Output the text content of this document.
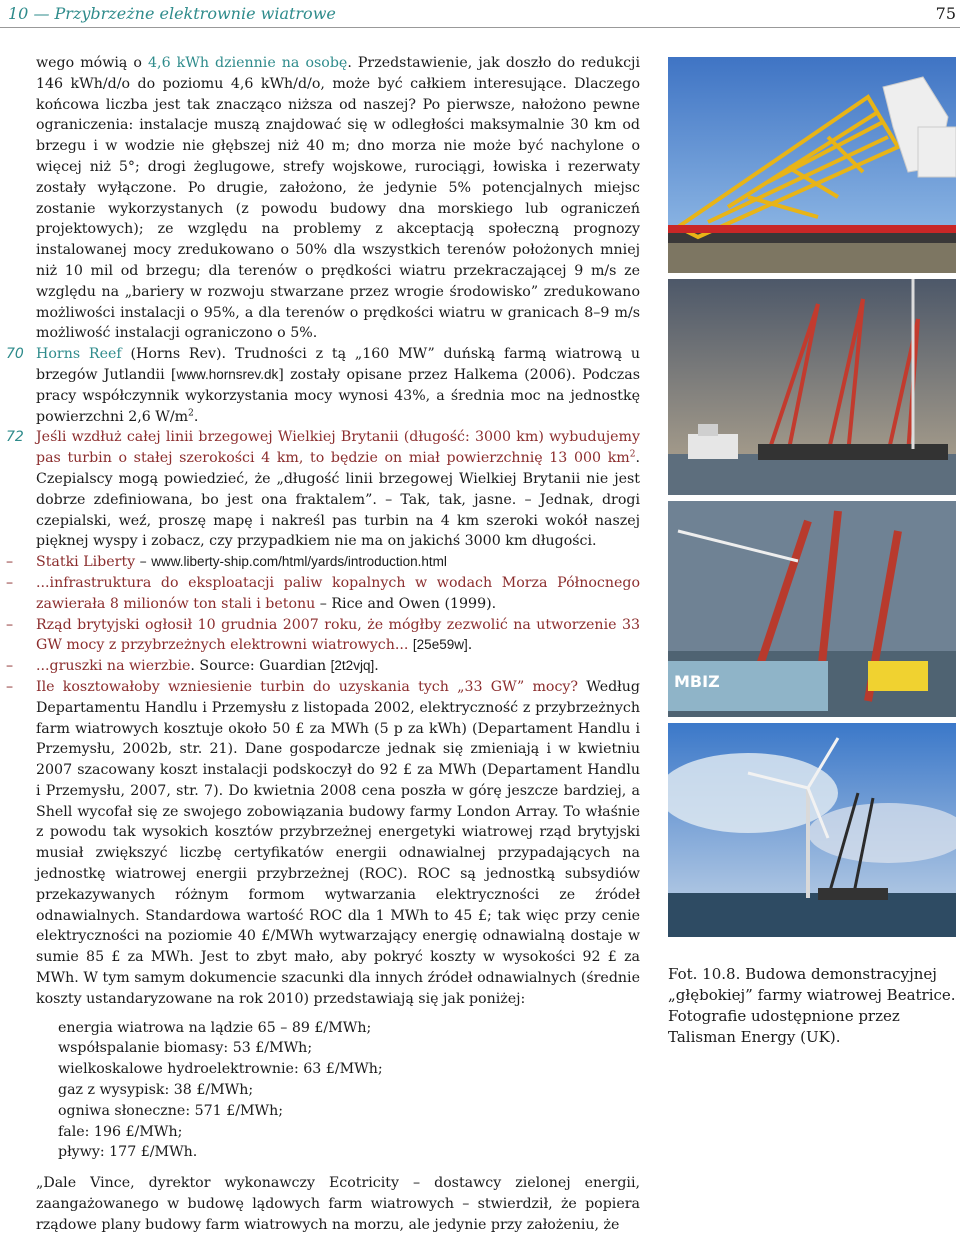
10 — Przybrzeżne elektrownie wiatrowe	75

wego mówią o 4,6 kWh dziennie na osobę. Przedstawienie, jak doszło do redukcji 146 kWh/d/o do poziomu 4,6 kWh/d/o, może być całkiem interesujące. Dlaczego końcowa liczba jest tak znacząco niższa od naszej? Po pierwsze, nałożono pewne ograniczenia: instalacje muszą znajdować się w odległości maksymalnie 30 km od brzegu i w wodzie nie głębszej niż 40 m; dno morza nie może być nachylone o więcej niż 5°; drogi żeglugowe, strefy wojskowe, rurociągi, łowiska i rezerwaty zostały wyłączone. Po drugie, założono, że jedynie 5% potencjalnych miejsc zostanie wykorzystanych (z powodu budowy dna morskiego lub ograniczeń projektowych); ze względu na problemy z akceptacją społeczną prognozy instalowanej mocy zredukowano o 50% dla wszystkich terenów położonych mniej niż 10 mil od brzegu; dla terenów o prędkości wiatru przekraczającej 9 m/s ze względu na „bariery w rozwoju stwarzane przez wrogie środowisko” zredukowano możliwości instalacji o 95%, a dla terenów o prędkości wiatru w granicach 8–9 m/s możliwość instalacji ograniczono o 5%.

70 Horns Reef (Horns Rev). Trudności z tą „160 MW” duńską farmą wiatrową u brzegów Jutlandii [www.hornsrev.dk] zostały opisane przez Halkema (2006). Podczas pracy współczynnik wykorzystania mocy wynosi 43%, a średnia moc na jednostkę powierzchni 2,6 $W/m^2$.

72 Jeśli wzdłuż całej linii brzegowej Wielkiej Brytanii (długość: 3000 km) wybudujemy pas turbin o stałej szerokości 4 km, to będzie on miał powierzchnię 13 000 $km^2$. Czepialscy mogą powiedzieć, że „długość linii brzegowej Wielkiej Brytanii nie jest dobrze zdefiniowana, bo jest ona fraktalem”. – Tak, tak, jasne. – Jednak, drogi czepialski, weź, proszę mapę i nakreśl pas turbin na 4 km szeroki wokół naszej pięknej wyspy i zobacz, czy przypadkiem nie ma on jakichś 3000 km długości.

– Statki Liberty – www.liberty-ship.com/html/yards/introduction.html

– ...infrastruktura do eksploatacji paliw kopalnych w wodach Morza Północnego zawierała 8 milionów ton stali i betonu – Rice and Owen (1999).

– Rząd brytyjski ogłosił 10 grudnia 2007 roku, że mógłby zezwolić na utworzenie 33 GW mocy z przybrzeżnych elektrowni wiatrowych... [25e59w].

– ...gruszki na wierzbie. Source: Guardian [2t2vjq].

– Ile kosztowałoby wzniesienie turbin do uzyskania tych „33 GW” mocy? Według Departamentu Handlu i Przemysłu z listopada 2002, elektryczność z przybrzeżnych farm wiatrowych kosztuje około 50 £ za MWh (5 p za kWh) (Departament Handlu i Przemysłu, 2002b, str. 21). Dane gospodarcze jednak się zmieniają i w kwietniu 2007 szacowany koszt instalacji podskoczył do 92 £ za MWh (Departament Handlu i Przemysłu, 2007, str. 7). Do kwietnia 2008 cena poszła w górę jeszcze bardziej, a Shell wycofał się ze swojego zobowiązania budowy farmy London Array. To właśnie z powodu tak wysokich kosztów przybrzeżnej energetyki wiatrowej rząd brytyjski musiał zwiększyć liczbę certyfikatów energii odnawialnej przypadających na jednostkę wiatrowej energii przybrzeżnej (ROC). ROC są jednostką subsydiów przekazywanych różnym formom wytwarzania elektryczności ze źródeł odnawialnych. Standardowa wartość ROC dla 1 MWh to 45 £; tak więc przy cenie elektryczności na poziomie 40 £/MWh wytwarzający energię odnawialną dostaje w sumie 85 £ za MWh. Jest to zbyt mało, aby pokryć koszty w wysokości 92 £ za MWh. W tym samym dokumencie szacunki dla innych źródeł odnawialnych (średnie koszty ustandaryzowane na rok 2010) przedstawiają się jak poniżej:

energia wiatrowa na lądzie 65 – 89 £/MWh;
współspalanie biomasy: 53 £/MWh;
wielkoskalowe hydroelektrownie: 63 £/MWh;
gaz z wysypisk: 38 £/MWh;
ogniwa słoneczne: 571 £/MWh;
fale: 196 £/MWh;
pływy: 177 £/MWh.

„Dale Vince, dyrektor wykonawczy Ecotricity – dostawcy zielonej energii, zaangażowanego w budowę lądowych farm wiatrowych – stwierdził, że popiera rządowe plany budowy farm wiatrowych na morzu, ale jedynie przy założeniu, że

MBIZ
Fot. 10.8. Budowa demonstracyjnej „głębokiej” farmy wiatrowej Beatrice. Fotografie udostępnione przez Talisman Energy (UK).
